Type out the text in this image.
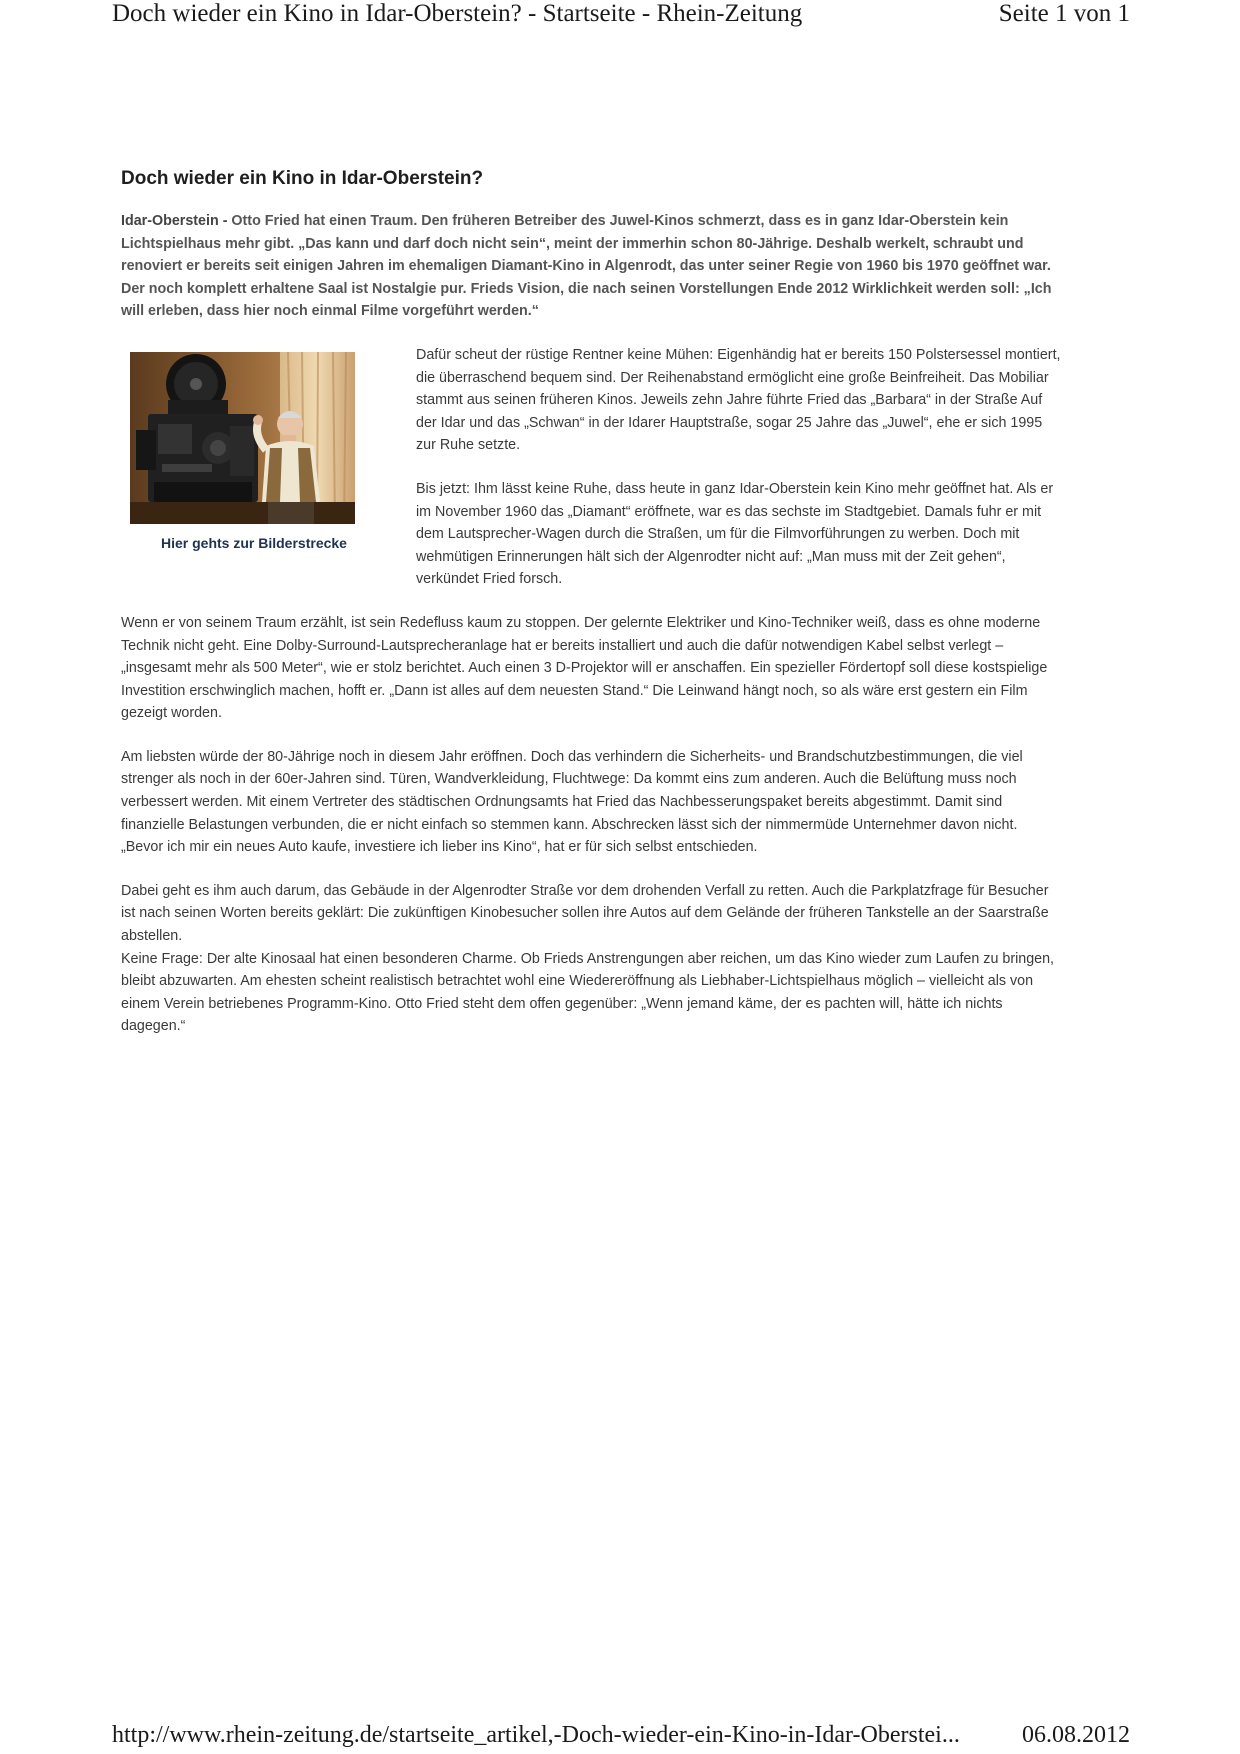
Doch wieder ein Kino in Idar-Oberstein? - Startseite - Rhein-Zeitung	Seite 1 von 1
Doch wieder ein Kino in Idar-Oberstein?

Idar-Oberstein - Otto Fried hat einen Traum. Den früheren Betreiber des Juwel-Kinos schmerzt, dass es in ganz Idar-Oberstein kein Lichtspielhaus mehr gibt. „Das kann und darf doch nicht sein“, meint der immerhin schon 80-Jährige. Deshalb werkelt, schraubt und renoviert er bereits seit einigen Jahren im ehemaligen Diamant-Kino in Algenrodt, das unter seiner Regie von 1960 bis 1970 geöffnet war. Der noch komplett erhaltene Saal ist Nostalgie pur. Frieds Vision, die nach seinen Vorstellungen Ende 2012 Wirklichkeit werden soll: „Ich will erleben, dass hier noch einmal Filme vorgeführt werden.“

Hier gehts zur Bilderstrecke

Dafür scheut der rüstige Rentner keine Mühen: Eigenhändig hat er bereits 150 Polstersessel montiert, die überraschend bequem sind. Der Reihenabstand ermöglicht eine große Beinfreiheit. Das Mobiliar stammt aus seinen früheren Kinos. Jeweils zehn Jahre führte Fried das „Barbara“ in der Straße Auf der Idar und das „Schwan“ in der Idarer Hauptstraße, sogar 25 Jahre das „Juwel“, ehe er sich 1995 zur Ruhe setzte.

Bis jetzt: Ihm lässt keine Ruhe, dass heute in ganz Idar-Oberstein kein Kino mehr geöffnet hat. Als er im November 1960 das „Diamant“ eröffnete, war es das sechste im Stadtgebiet. Damals fuhr er mit dem Lautsprecher-Wagen durch die Straßen, um für die Filmvorführungen zu werben. Doch mit wehmütigen Erinnerungen hält sich der Algenrodter nicht auf: „Man muss mit der Zeit gehen“, verkündet Fried forsch.

Wenn er von seinem Traum erzählt, ist sein Redefluss kaum zu stoppen. Der gelernte Elektriker und Kino-Techniker weiß, dass es ohne moderne Technik nicht geht. Eine Dolby-Surround-Lautsprecheranlage hat er bereits installiert und auch die dafür notwendigen Kabel selbst verlegt – „insgesamt mehr als 500 Meter“, wie er stolz berichtet. Auch einen 3 D-Projektor will er anschaffen. Ein spezieller Fördertopf soll diese kostspielige Investition erschwinglich machen, hofft er. „Dann ist alles auf dem neuesten Stand.“ Die Leinwand hängt noch, so als wäre erst gestern ein Film gezeigt worden.

Am liebsten würde der 80-Jährige noch in diesem Jahr eröffnen. Doch das verhindern die Sicherheits- und Brandschutzbestimmungen, die viel strenger als noch in der 60er-Jahren sind. Türen, Wandverkleidung, Fluchtwege: Da kommt eins zum anderen. Auch die Belüftung muss noch verbessert werden. Mit einem Vertreter des städtischen Ordnungsamts hat Fried das Nachbesserungspaket bereits abgestimmt. Damit sind finanzielle Belastungen verbunden, die er nicht einfach so stemmen kann. Abschrecken lässt sich der nimmermüde Unternehmer davon nicht. „Bevor ich mir ein neues Auto kaufe, investiere ich lieber ins Kino“, hat er für sich selbst entschieden.

Dabei geht es ihm auch darum, das Gebäude in der Algenrodter Straße vor dem drohenden Verfall zu retten. Auch die Parkplatzfrage für Besucher ist nach seinen Worten bereits geklärt: Die zukünftigen Kinobesucher sollen ihre Autos auf dem Gelände der früheren Tankstelle an der Saarstraße abstellen.

Keine Frage: Der alte Kinosaal hat einen besonderen Charme. Ob Frieds Anstrengungen aber reichen, um das Kino wieder zum Laufen zu bringen, bleibt abzuwarten. Am ehesten scheint realistisch betrachtet wohl eine Wiedereröffnung als Liebhaber-Lichtspielhaus möglich – vielleicht als von einem Verein betriebenes Programm-Kino. Otto Fried steht dem offen gegenüber: „Wenn jemand käme, der es pachten will, hätte ich nichts dagegen.“

http://www.rhein-zeitung.de/startseite_artikel,-Doch-wieder-ein-Kino-in-Idar-Oberstei...	06.08.2012
